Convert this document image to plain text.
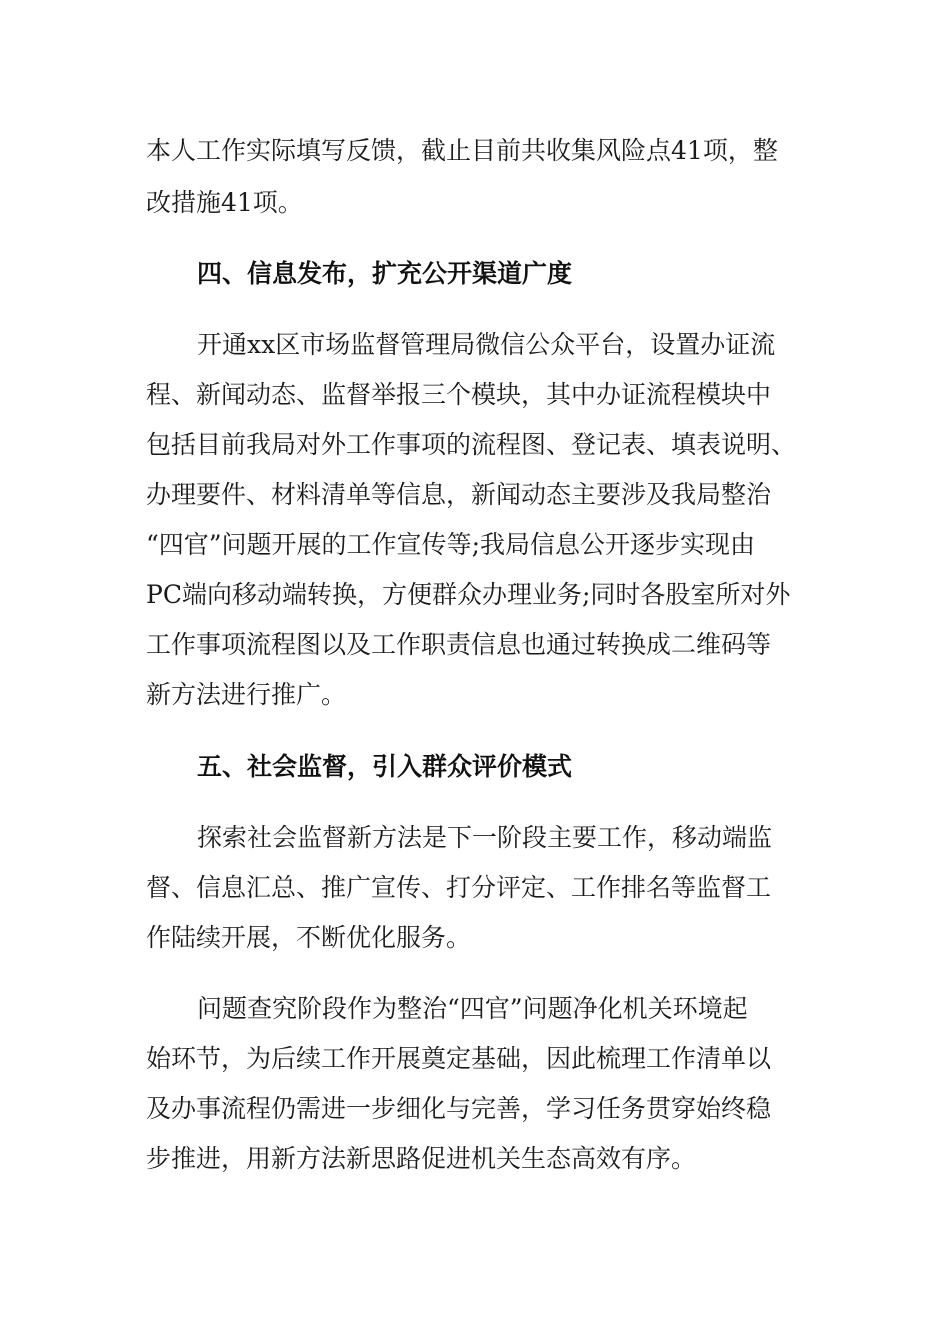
本人工作实际填写反馈，截止目前共收集风险点41项，整
改措施41项。
四、信息发布，扩充公开渠道广度
开通xx区市场监督管理局微信公众平台，设置办证流
程、新闻动态、监督举报三个模块，其中办证流程模块中
包括目前我局对外工作事项的流程图、登记表、填表说明、
办理要件、材料清单等信息，新闻动态主要涉及我局整治
“四官”问题开展的工作宣传等;我局信息公开逐步实现由
PC端向移动端转换，方便群众办理业务;同时各股室所对外
工作事项流程图以及工作职责信息也通过转换成二维码等
新方法进行推广。
五、社会监督，引入群众评价模式
探索社会监督新方法是下一阶段主要工作，移动端监
督、信息汇总、推广宣传、打分评定、工作排名等监督工
作陆续开展，不断优化服务。
问题查究阶段作为整治“四官”问题净化机关环境起
始环节，为后续工作开展奠定基础，因此梳理工作清单以
及办事流程仍需进一步细化与完善，学习任务贯穿始终稳
步推进，用新方法新思路促进机关生态高效有序。
